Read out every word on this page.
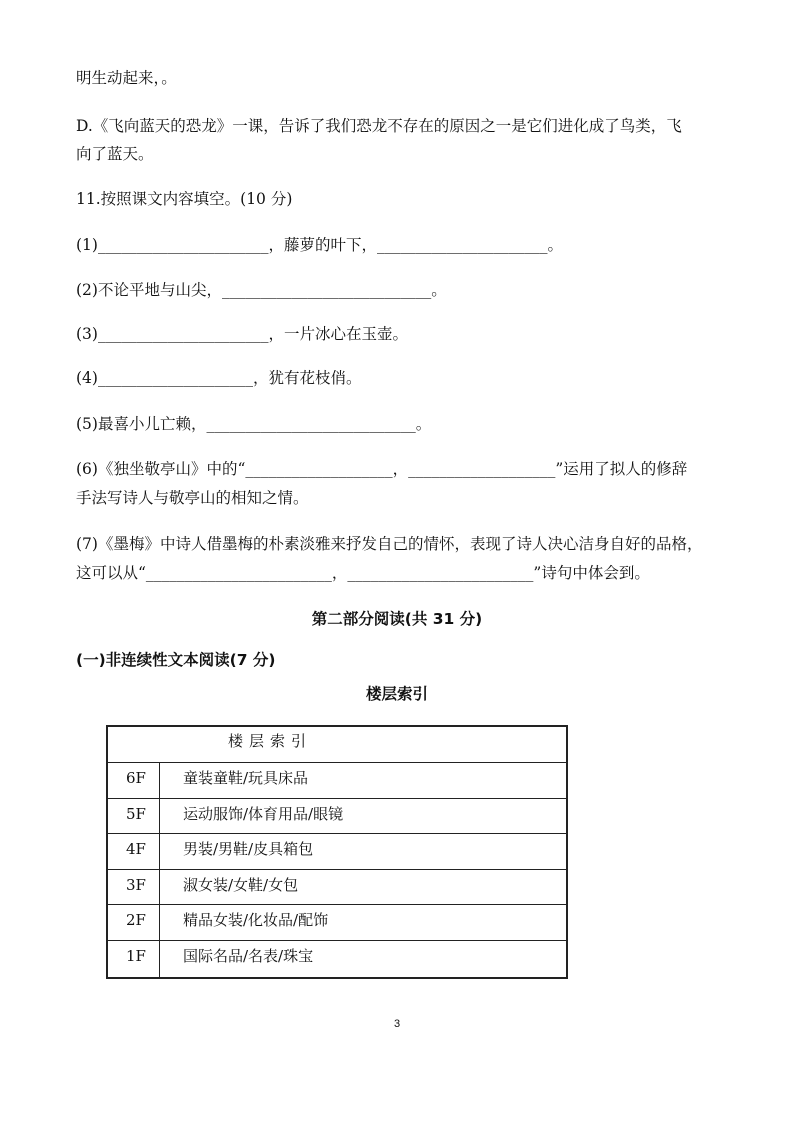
明生动起来，。
D.《飞向蓝天的恐龙》一课，告诉了我们恐龙不存在的原因之一是它们进化成了鸟类，飞
向了蓝天。
11.按照课文内容填空。(10 分)
(1)______________________，藤萝的叶下，______________________。
(2)不论平地与山尖，___________________________。
(3)______________________，一片冰心在玉壶。
(4)____________________，犹有花枝俏。
(5)最喜小儿亡赖，___________________________。
(6)《独坐敬亭山》中的“___________________，___________________”运用了拟人的修辞
手法写诗人与敬亭山的相知之情。
(7)《墨梅》中诗人借墨梅的朴素淡雅来抒发自己的情怀，表现了诗人决心洁身自好的品格，
这可以从“________________________，________________________”诗句中体会到。
第二部分阅读(共 31 分)
(一)非连续性文本阅读(7 分)
楼层索引
楼层索引
6F	童装童鞋/玩具床品
5F	运动服饰/体育用品/眼镜
4F	男装/男鞋/皮具箱包
3F	淑女装/女鞋/女包
2F	精品女装/化妆品/配饰
1F	国际名品/名表/珠宝
3
